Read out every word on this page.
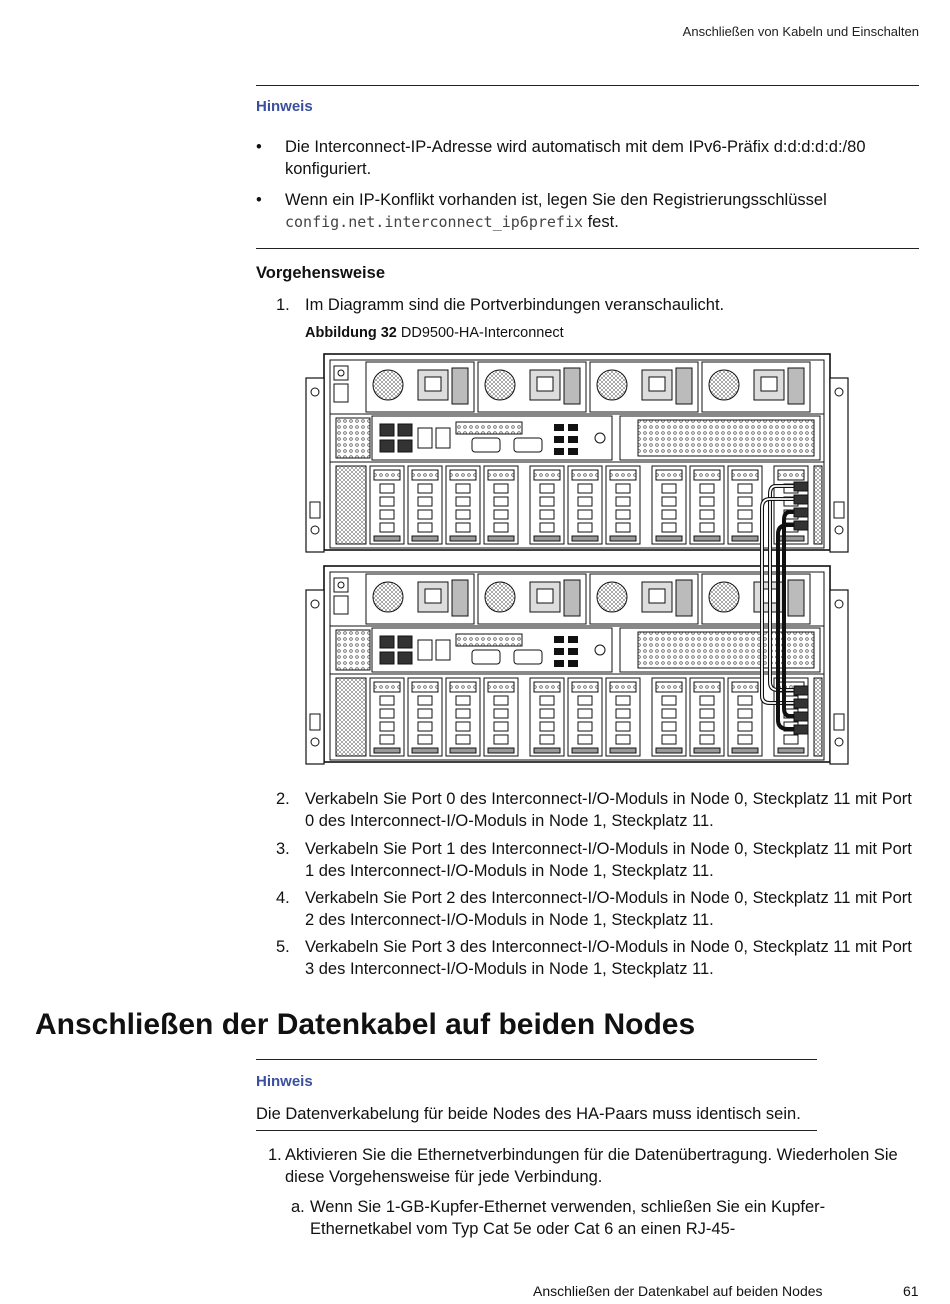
Anschließen von Kabeln und Einschalten
Hinweis
• Die Interconnect-IP-Adresse wird automatisch mit dem IPv6-Präfix d:d:d:d:d:/80 konfiguriert.
• Wenn ein IP-Konflikt vorhanden ist, legen Sie den Registrierungsschlüssel config.net.interconnect_ip6prefix fest.
Vorgehensweise
1. Im Diagramm sind die Portverbindungen veranschaulicht.
Abbildung 32 DD9500-HA-Interconnect
2. Verkabeln Sie Port 0 des Interconnect-I/O-Moduls in Node 0, Steckplatz 11 mit Port 0 des Interconnect-I/O-Moduls in Node 1, Steckplatz 11.
3. Verkabeln Sie Port 1 des Interconnect-I/O-Moduls in Node 0, Steckplatz 11 mit Port 1 des Interconnect-I/O-Moduls in Node 1, Steckplatz 11.
4. Verkabeln Sie Port 2 des Interconnect-I/O-Moduls in Node 0, Steckplatz 11 mit Port 2 des Interconnect-I/O-Moduls in Node 1, Steckplatz 11.
5. Verkabeln Sie Port 3 des Interconnect-I/O-Moduls in Node 0, Steckplatz 11 mit Port 3 des Interconnect-I/O-Moduls in Node 1, Steckplatz 11.
Anschließen der Datenkabel auf beiden Nodes
Hinweis
Die Datenverkabelung für beide Nodes des HA-Paars muss identisch sein.
1. Aktivieren Sie die Ethernetverbindungen für die Datenübertragung. Wiederholen Sie diese Vorgehensweise für jede Verbindung.
a. Wenn Sie 1-GB-Kupfer-Ethernet verwenden, schließen Sie ein Kupfer-Ethernetkabel vom Typ Cat 5e oder Cat 6 an einen RJ-45-
Anschließen der Datenkabel auf beiden Nodes	61
